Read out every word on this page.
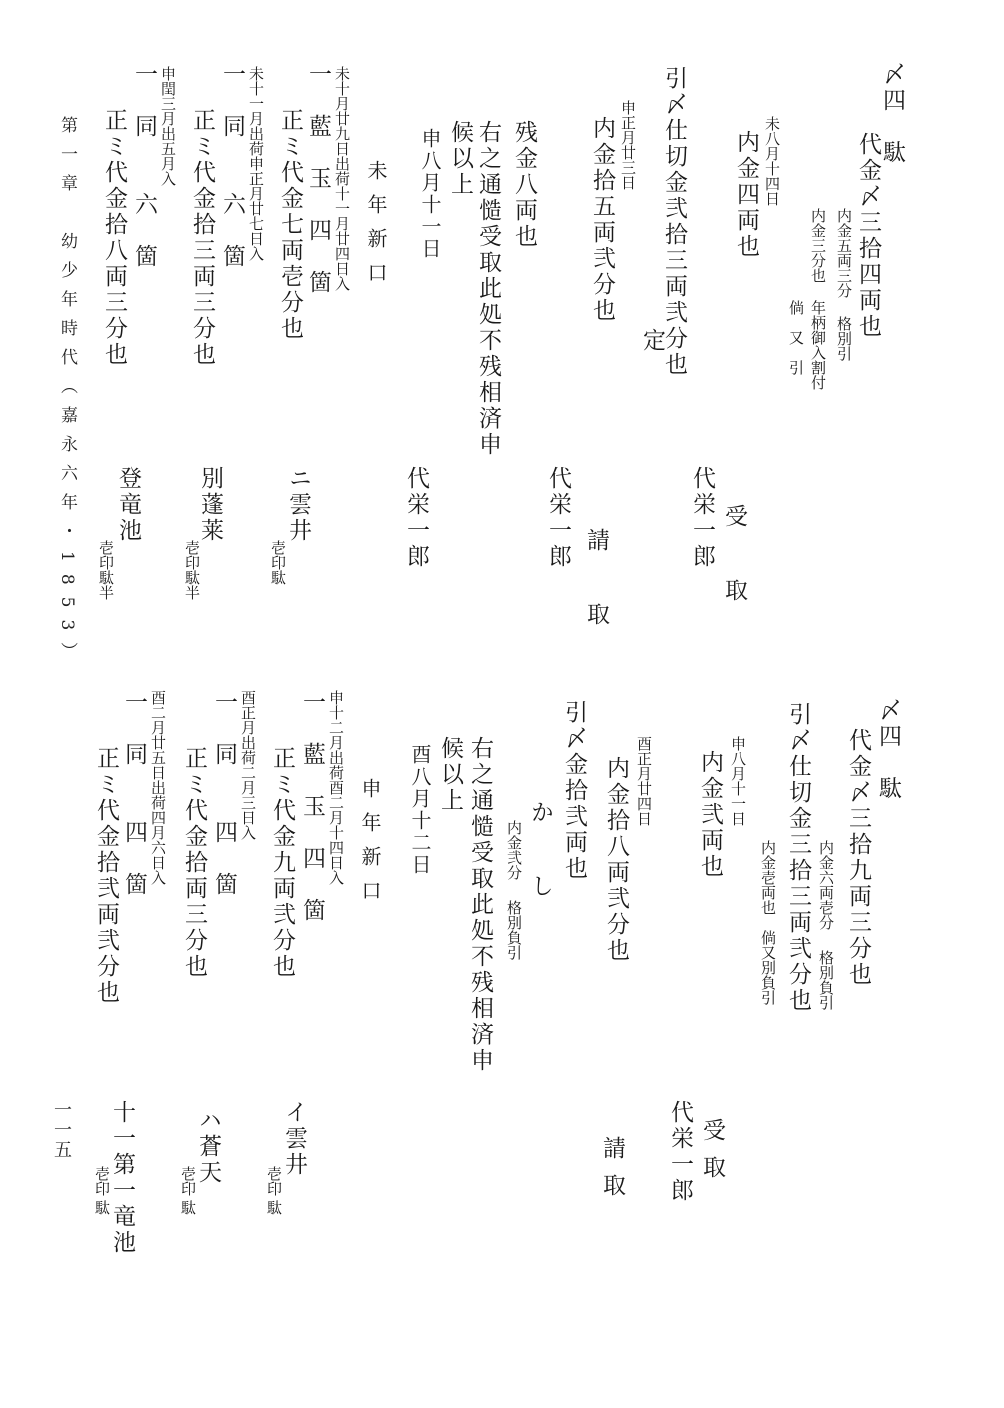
〆四　駄
代金〆三拾四両也
内金五両三分
格別引
内金三分也
年柄御入割付
倘　又　引
未八月十四日
内金四両也
受　取
代栄一郎
引〆仕切金弐拾三両弐分也
定
申正月廿三日
内金拾五両弐分也
請　取
代栄一郎
残金八両也
右之通慥受取此処不残相済申
候以上
申八月十一日
代栄一郎
未年新口
未十月廿九日出荷十一月廿四日入
一　藍　玉　四　箇
正ミ代金七両壱分也
未十一月出荷申正月廿七日入
一　同　　六　箇
正ミ代金拾三両三分也
申閏三月出五月入
一　同　　六　箇
正ミ代金拾八両三分也
ニ雲井
壱印駄
別蓬莱
壱印駄半
登竜池
壱印駄半
第一章　幼少年時代（嘉永六年・1853）
〆四　駄
代金〆三拾九両三分也
内金六両壱分
格別負引
引〆仕切金三拾三両弐分也
内金壱両也
倘又別負引
申八月十一日
内金弐両也
受取
代栄一郎
酉正月廿四日
内金拾八両弐分也
請取
引〆金拾弐両也
か　し
内金弐分
格別負引
右之通慥受取此処不残相済申
候以上
酉八月十二日
申年新口
申十二月出荷酉二月十四日入
一　藍　玉　四　箇
正ミ代金九両弐分也
酉正月出荷二月三日入
一　同　　四　箇
正ミ代金拾両三分也
酉二月廿五日出荷四月六日入
一　同　　四　箇
正ミ代金拾弐両弐分也
イ雲井
壱印
駄
ハ蒼天
壱印
駄
十一第一竜池
壱印
駄
一一五
